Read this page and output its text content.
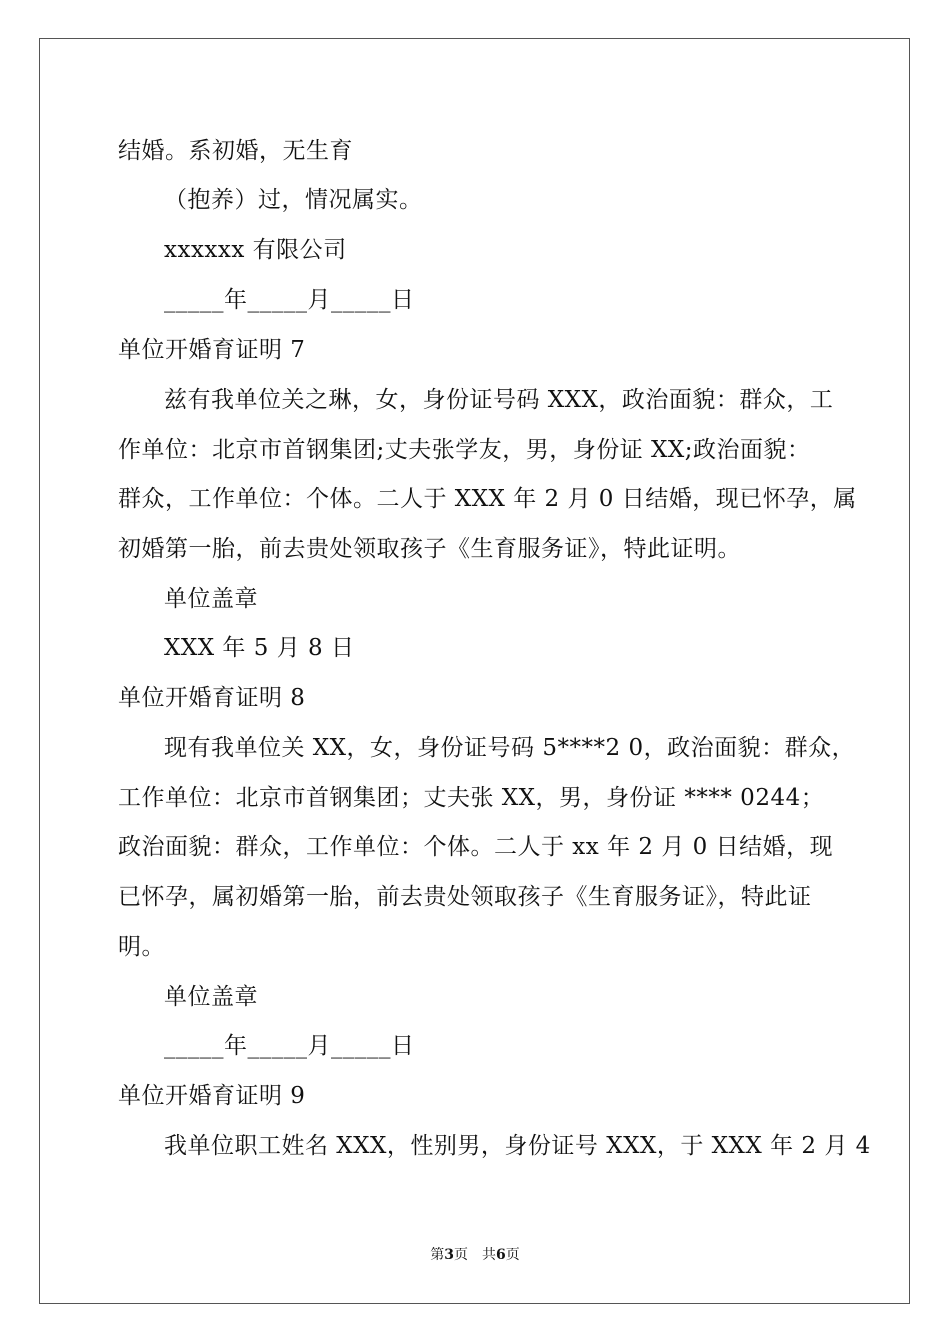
结婚。系初婚，无生育
（抱养）过，情况属实。
xxxxxx 有限公司
_____年_____月_____日
单位开婚育证明 7
兹有我单位关之琳，女，身份证号码 XXX，政治面貌：群众，工
作单位：北京市首钢集团;丈夫张学友，男，身份证 XX;政治面貌：
群众，工作单位：个体。二人于 XXX 年 2 月 0 日结婚，现已怀孕，属
初婚第一胎，前去贵处领取孩子《生育服务证》，特此证明。
单位盖章
XXX 年 5 月 8 日
单位开婚育证明 8
现有我单位关 XX，女，身份证号码 5****2 0，政治面貌：群众，
工作单位：北京市首钢集团；丈夫张 XX，男，身份证 **** 0244；
政治面貌：群众，工作单位：个体。二人于 xx 年 2 月 0 日结婚，现
已怀孕，属初婚第一胎，前去贵处领取孩子《生育服务证》，特此证
明。
单位盖章
_____年_____月_____日
单位开婚育证明 9
我单位职工姓名 XXX，性别男，身份证号 XXX，于 XXX 年 2 月 4
第3页 共6页
